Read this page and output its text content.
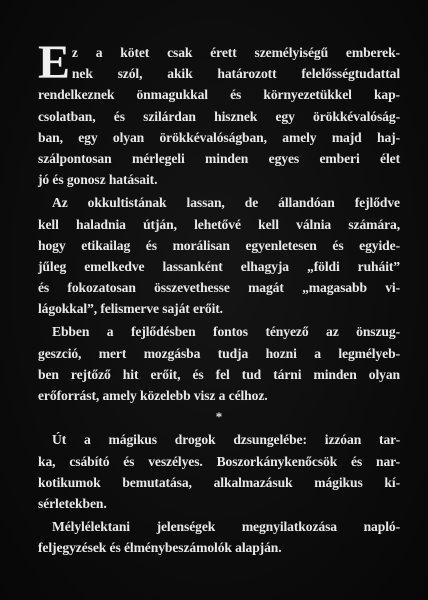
E z a kötet csak érett személyiségű emberek-
nek szól, akik határozott felelősségtudattal
rendelkeznek önmagukkal és környezetükkel kap-
csolatban, és szilárdan hisznek egy örökkévalóság-
ban, egy olyan örökkévalóságban, amely majd haj-
szálpontosan mérlegeli minden egyes emberi élet
jó és gonosz hatásait.
Az okkultistának lassan, de állandóan fejlődve
kell haladnia útján, lehetővé kell válnia számára,
hogy etikailag és morálisan egyenletesen és egyide-
jűleg emelkedve lassanként elhagyja „földi ruháit”
és fokozatosan összevethesse magát „magasabb vi-
lágokkal”, felismerve saját erőit.
Ebben a fejlődésben fontos tényező az önszug-
geszció, mert mozgásba tudja hozni a legmélyeb-
ben rejtőző hit erőit, és fel tud tárni minden olyan
erőforrást, amely közelebb visz a célhoz.
*
Út a mágikus drogok dzsungelébe: izzóan tar-
ka, csábító és veszélyes. Boszorkánykenőcsök és nar-
kotikumok bemutatása, alkalmazásuk mágikus kí-
sérletekben.
Mélylélektani jelenségek megnyilatkozása napló-
feljegyzések és élménybeszámolók alapján.
